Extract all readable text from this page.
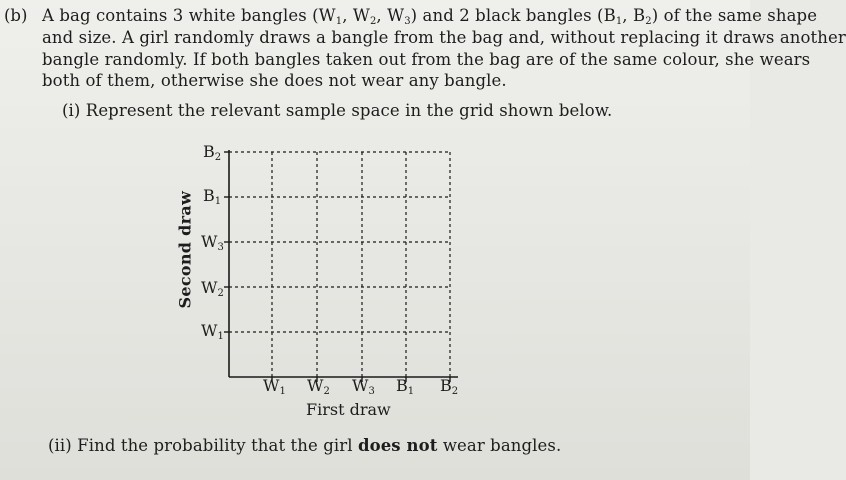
(b) A bag contains 3 white bangles ($W_1$, $W_2$, $W_3$) and 2 black bangles ($B_1$, $B_2$) of the same shape
and size. A girl randomly draws a bangle from the bag and, without replacing it draws another
bangle randomly. If both bangles taken out from the bag are of the same colour, she wears
both of them, otherwise she does not wear any bangle.
(i) Represent the relevant sample space in the grid shown below.
$B_2$
$B_1$
$W_3$
$W_2$
$W_1$
$W_1$ $W_2$ $W_3$ $B_1$ $B_2$
Second draw
First draw
(ii) Find the probability that the girl does not wear bangles.
